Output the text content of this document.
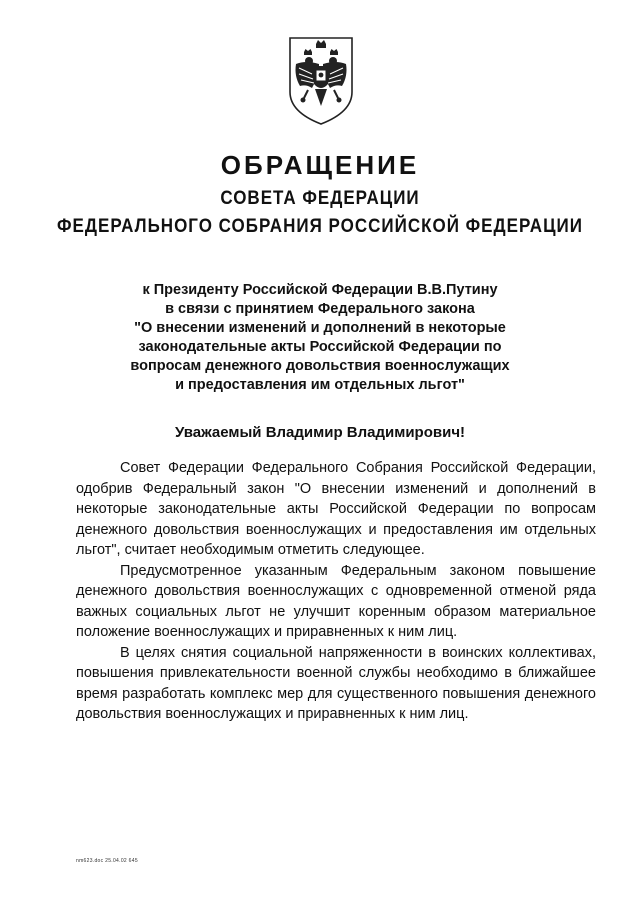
ОБРАЩЕНИЕ
СОВЕТА ФЕДЕРАЦИИ
ФЕДЕРАЛЬНОГО СОБРАНИЯ РОССИЙСКОЙ ФЕДЕРАЦИИ
к Президенту Российской Федерации В.В.Путину
в связи с принятием Федерального закона
"О внесении изменений и дополнений в некоторые
законодательные акты Российской Федерации по
вопросам денежного довольствия военнослужащих
и предоставления им отдельных льгот"
Уважаемый Владимир Владимирович!

Совет Федерации Федерального Собрания Российской Федерации, одобрив Федеральный закон "О внесении изменений и дополнений в некоторые законодательные акты Российской Федерации по вопросам денежного довольствия военнослужащих и предоставления им отдельных льгот", считает необходимым отметить следующее.

Предусмотренное указанным Федеральным законом повышение денежного довольствия военнослужащих с одновременной отменой ряда важных социальных льгот не улучшит коренным образом материальное положение военнослужащих и приравненных к ним лиц.

В целях снятия социальной напряженности в воинских коллективах, повышения привлекательности военной службы необходимо в ближайшее время разработать комплекс мер для существенного повышения денежного довольствия военнослужащих и приравненных к ним лиц.

nm623.doc 25.04.02 645
